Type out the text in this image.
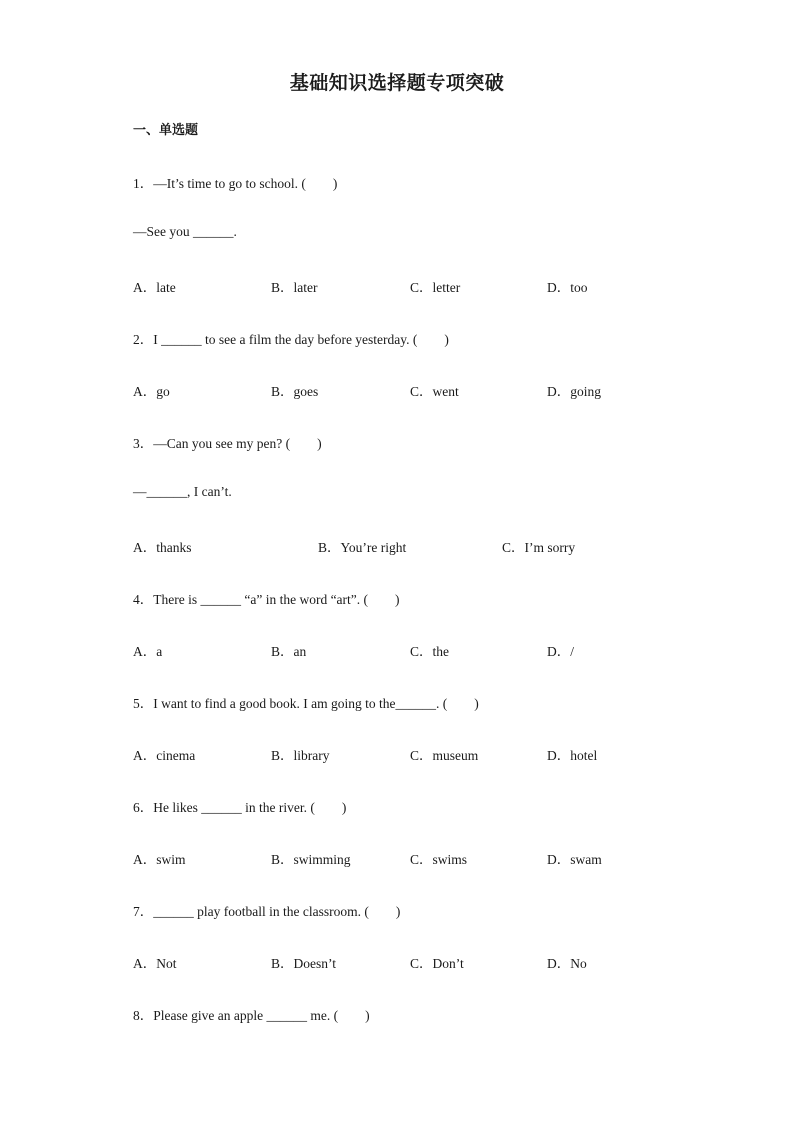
基础知识选择题专项突破
一、单选题
1．—It’s time to go to school. (　　)
—See you ______.
A．late	B．later	C．letter	D．too
2．I ______ to see a film the day before yesterday. (　　)
A．go	B．goes	C．went	D．going
3．—Can you see my pen? (　　)
—______, I can’t.
A．thanks	B．You’re right	C．I’m sorry
4．There is ______ “a” in the word “art”. (　　)
A．a	B．an	C．the	D．/
5．I want to find a good book. I am going to the______. (　　)
A．cinema	B．library	C．museum	D．hotel
6．He likes ______ in the river. (　　)
A．swim	B．swimming	C．swims	D．swam
7．______ play football in the classroom. (　　)
A．Not	B．Doesn’t	C．Don’t	D．No
8．Please give an apple ______ me. (　　)
